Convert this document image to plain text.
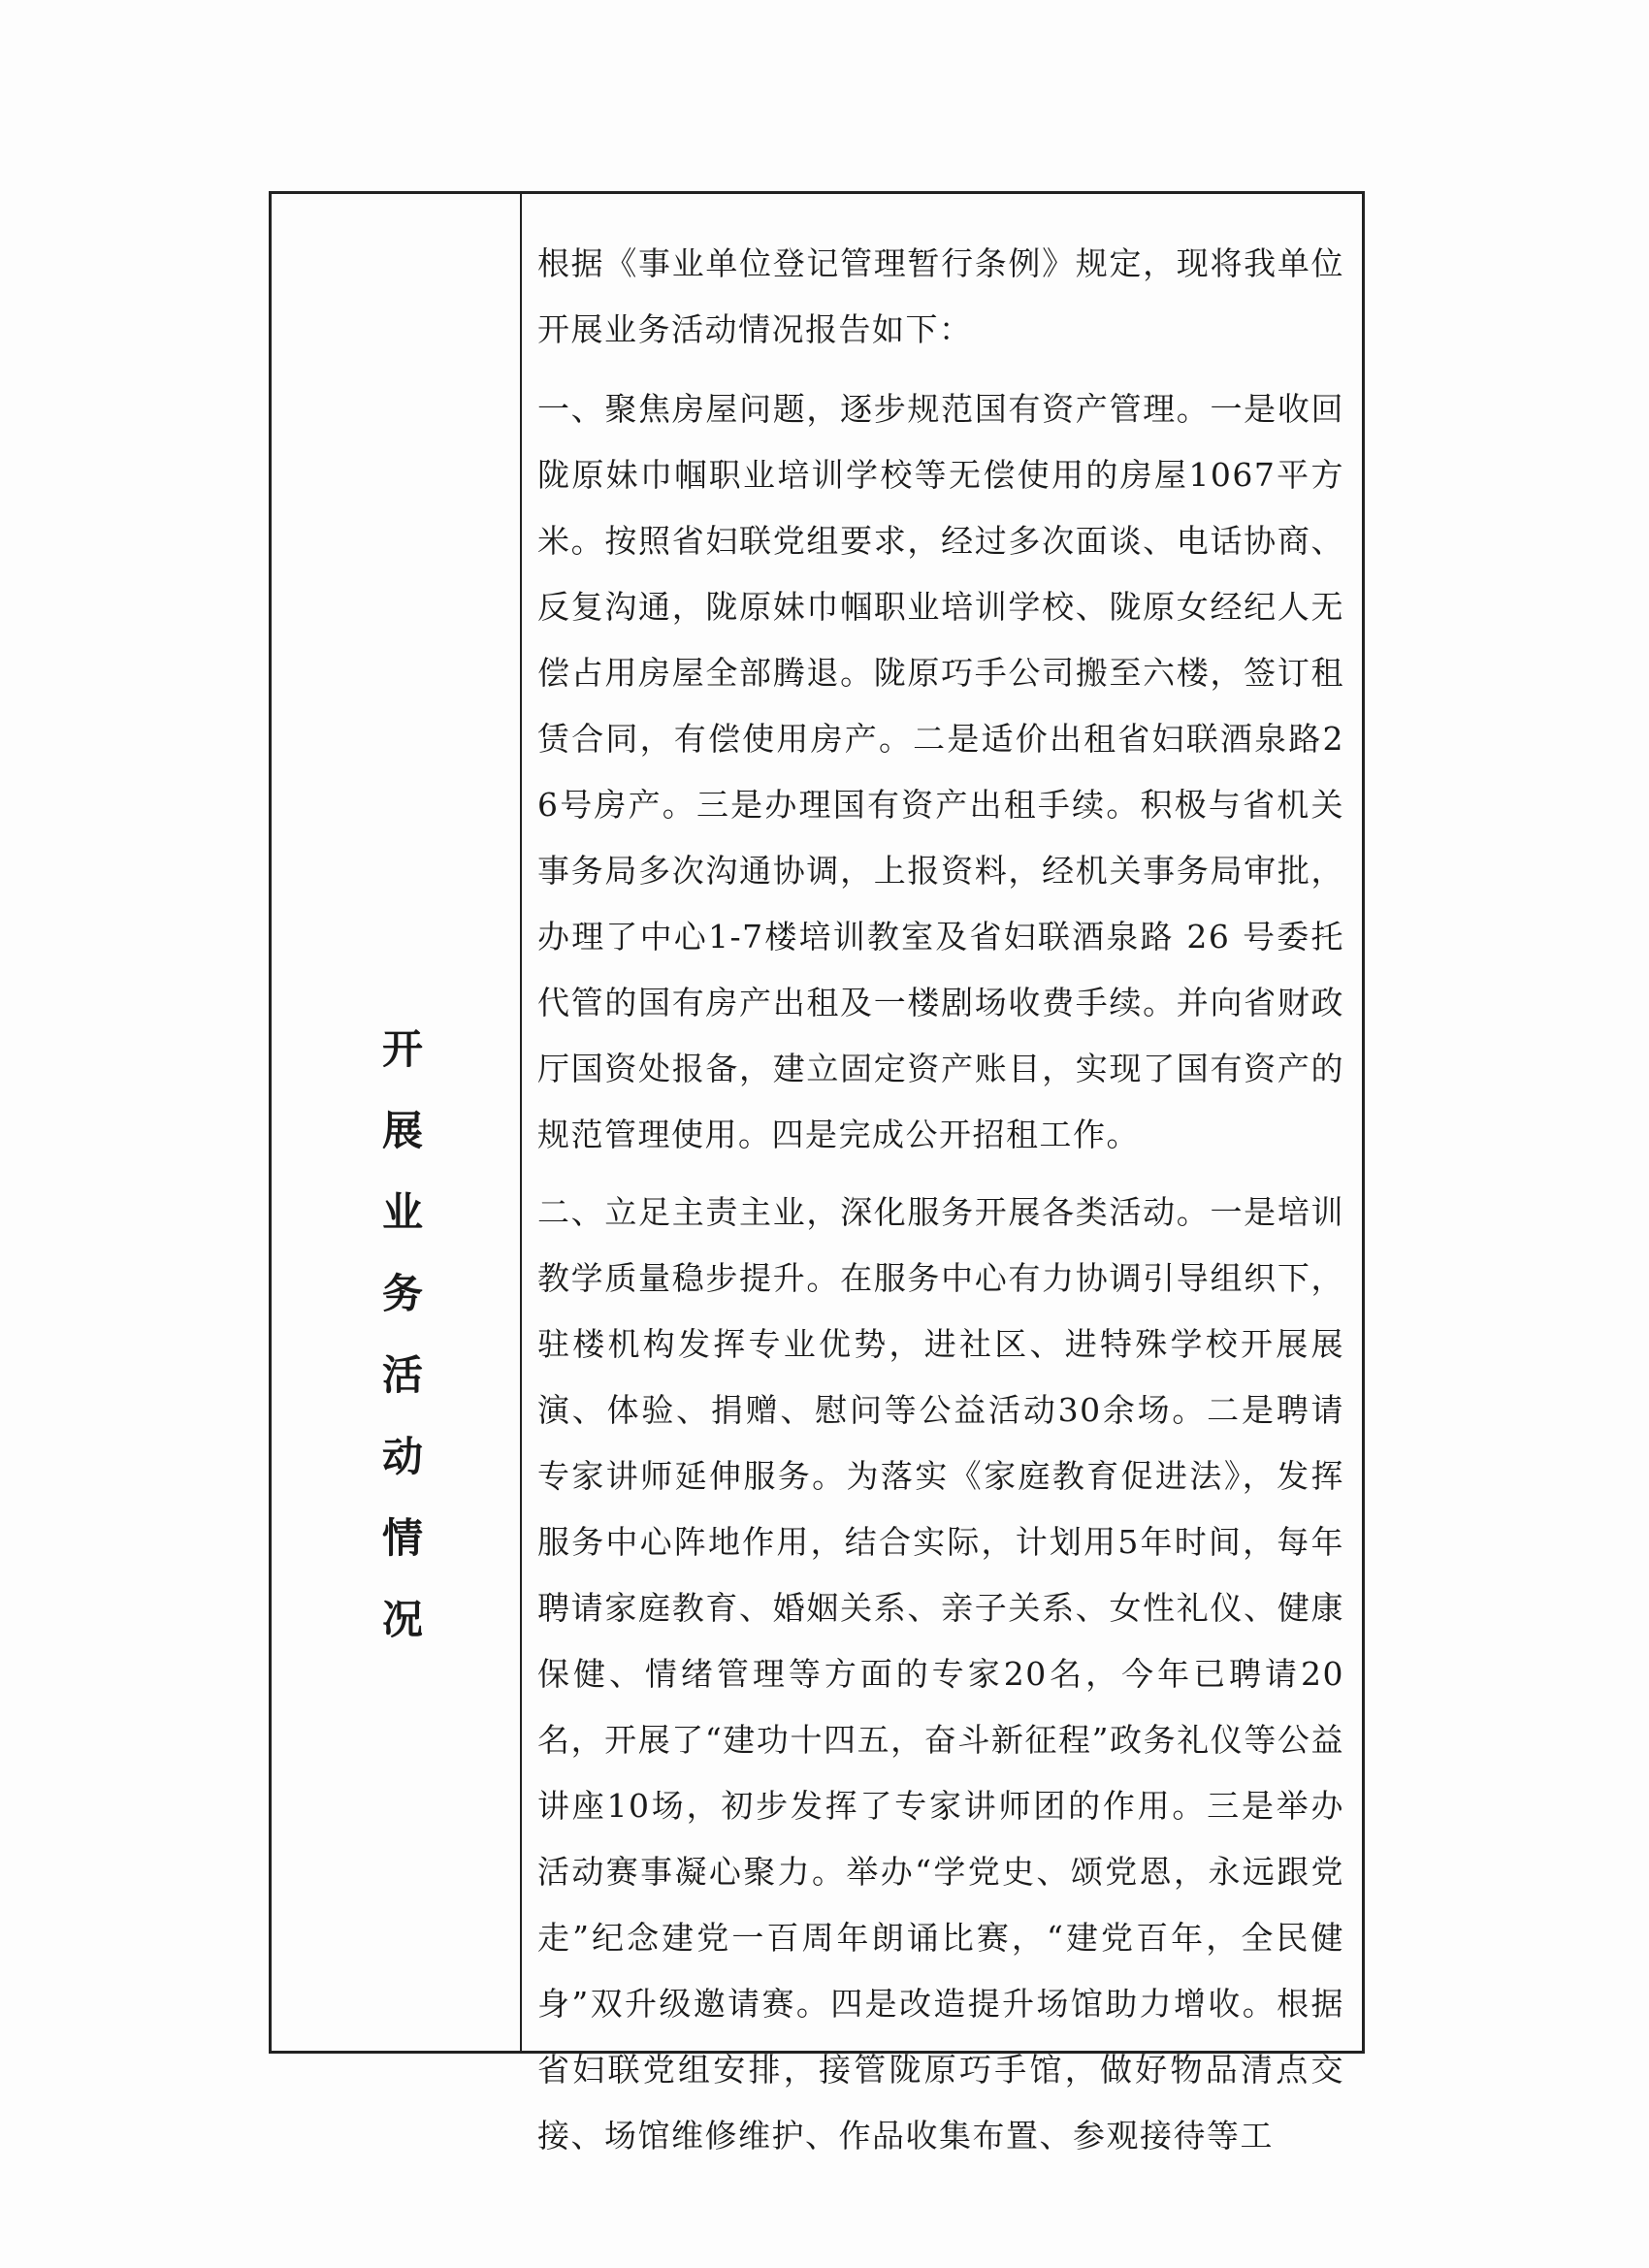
开展业务活动情况

根据《事业单位登记管理暂行条例》规定，现将我单位开展业务活动情况报告如下：

一、聚焦房屋问题，逐步规范国有资产管理。一是收回陇原妹巾帼职业培训学校等无偿使用的房屋1067平方米。按照省妇联党组要求，经过多次面谈、电话协商、反复沟通，陇原妹巾帼职业培训学校、陇原女经纪人无偿占用房屋全部腾退。陇原巧手公司搬至六楼，签订租赁合同，有偿使用房产。二是适价出租省妇联酒泉路26号房产。三是办理国有资产出租手续。积极与省机关事务局多次沟通协调，上报资料，经机关事务局审批，办理了中心1-7楼培训教室及省妇联酒泉路 26 号委托代管的国有房产出租及一楼剧场收费手续。并向省财政厅国资处报备，建立固定资产账目，实现了国有资产的规范管理使用。四是完成公开招租工作。

二、立足主责主业，深化服务开展各类活动。一是培训教学质量稳步提升。在服务中心有力协调引导组织下，驻楼机构发挥专业优势，进社区、进特殊学校开展展演、体验、捐赠、慰问等公益活动30余场。二是聘请专家讲师延伸服务。为落实《家庭教育促进法》，发挥服务中心阵地作用，结合实际，计划用5年时间，每年聘请家庭教育、婚姻关系、亲子关系、女性礼仪、健康保健、情绪管理等方面的专家20名，今年已聘请20名，开展了“建功十四五，奋斗新征程”政务礼仪等公益讲座10场，初步发挥了专家讲师团的作用。三是举办活动赛事凝心聚力。举办“学党史、颂党恩，永远跟党走”纪念建党一百周年朗诵比赛，“建党百年，全民健身”双升级邀请赛。四是改造提升场馆助力增收。根据省妇联党组安排，接管陇原巧手馆，做好物品清点交接、场馆维修维护、作品收集布置、参观接待等工
